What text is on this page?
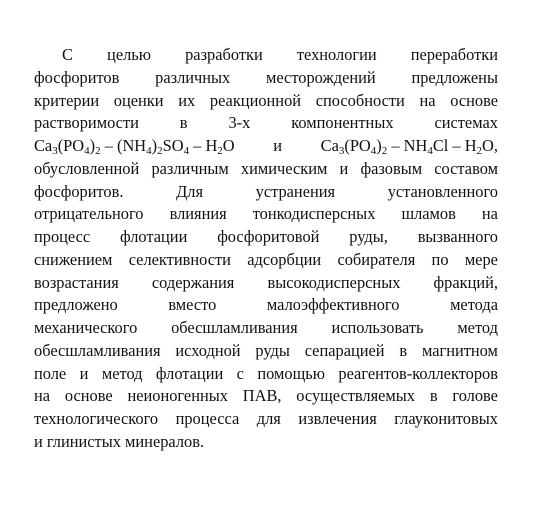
С целью разработки технологии переработки
фосфоритов различных месторождений предложены
критерии оценки их реакционной способности на основе
растворимости в 3-х компонентных системах
$Ca_3(PO_4)_2 - (NH_4)_2SO_4 - H_2O$ и $Ca_3(PO_4)_2 - NH_4Cl - H_2O$,
обусловленной различным химическим и фазовым составом
фосфоритов.	Для	устранения	установленного
отрицательного влияния тонкодисперсных шламов на
процесс флотации фосфоритовой руды, вызванного
снижением селективности адсорбции собирателя по мере
возрастания содержания высокодисперсных фракций,
предложено	вместо	малоэффективного	метода
механического обесшламливания использовать метод
обесшламливания исходной руды сепарацией в магнитном
поле и метод флотации с помощью реагентов-коллекторов
на основе неионогенных ПАВ, осуществляемых в голове
технологического процесса для извлечения глауконитовых
и глинистых минералов.
